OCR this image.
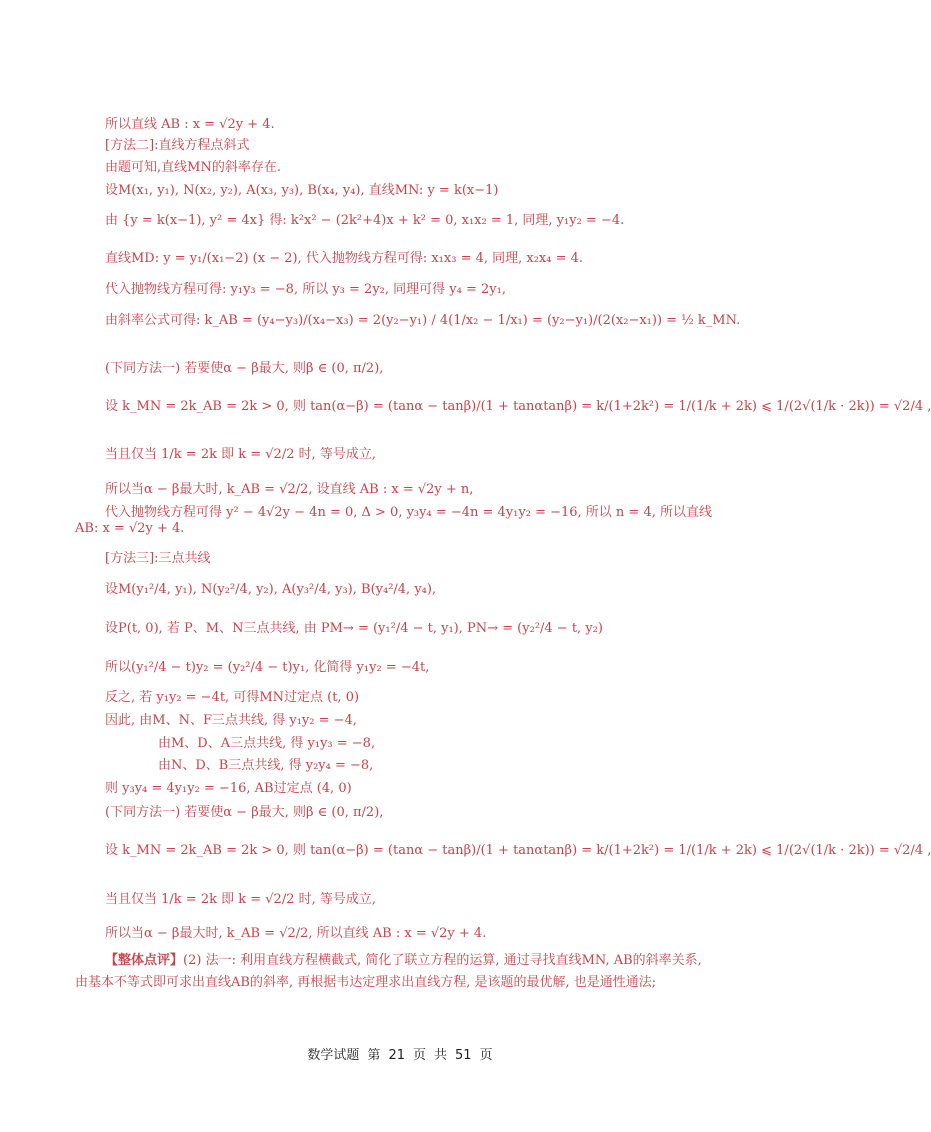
所以直线 AB : x = √2y + 4.
[方法二]:直线方程点斜式
由题可知,直线MN的斜率存在.
设M(x₁, y₁), N(x₂, y₂), A(x₃, y₃), B(x₄, y₄), 直线MN: y = k(x−1)
由 {y = k(x−1), y² = 4x} 得: k²x² − (2k²+4)x + k² = 0, x₁x₂ = 1, 同理, y₁y₂ = −4.
直线MD: y = y₁/(x₁−2) (x − 2), 代入抛物线方程可得: x₁x₃ = 4, 同理, x₂x₄ = 4.
代入抛物线方程可得: y₁y₃ = −8, 所以 y₃ = 2y₂, 同理可得 y₄ = 2y₁,
由斜率公式可得: k_AB = (y₄−y₃)/(x₄−x₃) = 2(y₂−y₁) / 4(1/x₂ − 1/x₁) = (y₂−y₁)/(2(x₂−x₁)) = ½ k_MN.
(下同方法一) 若要使α − β最大, 则β ∈ (0, π/2),
设 k_MN = 2k_AB = 2k > 0, 则 tan(α−β) = (tanα − tanβ)/(1 + tanαtanβ) = k/(1+2k²) = 1/(1/k + 2k) ⩽ 1/(2√(1/k · 2k)) = √2/4 ,
当且仅当 1/k = 2k 即 k = √2/2 时, 等号成立,
所以当α − β最大时, k_AB = √2/2, 设直线 AB : x = √2y + n,
代入抛物线方程可得 y² − 4√2y − 4n = 0, Δ > 0, y₃y₄ = −4n = 4y₁y₂ = −16, 所以 n = 4, 所以直线 AB: x = √2y + 4.
[方法三]:三点共线
设M(y₁²/4, y₁), N(y₂²/4, y₂), A(y₃²/4, y₃), B(y₄²/4, y₄),
设P(t, 0), 若 P、M、N三点共线, 由 PM→ = (y₁²/4 − t, y₁), PN→ = (y₂²/4 − t, y₂)
所以(y₁²/4 − t)y₂ = (y₂²/4 − t)y₁, 化简得 y₁y₂ = −4t,
反之, 若 y₁y₂ = −4t, 可得MN过定点 (t, 0)
因此, 由M、N、F三点共线, 得 y₁y₂ = −4,
由M、D、A三点共线, 得 y₁y₃ = −8,
由N、D、B三点共线, 得 y₂y₄ = −8,
则 y₃y₄ = 4y₁y₂ = −16, AB过定点 (4, 0)
(下同方法一) 若要使α − β最大, 则β ∈ (0, π/2),
设 k_MN = 2k_AB = 2k > 0, 则 tan(α−β) = (tanα − tanβ)/(1 + tanαtanβ) = k/(1+2k²) = 1/(1/k + 2k) ⩽ 1/(2√(1/k · 2k)) = √2/4 ,
当且仅当 1/k = 2k 即 k = √2/2 时, 等号成立,
所以当α − β最大时, k_AB = √2/2, 所以直线 AB : x = √2y + 4.
【整体点评】(2) 法一: 利用直线方程横截式, 简化了联立方程的运算, 通过寻找直线MN, AB的斜率关系, 由基本不等式即可求出直线AB的斜率, 再根据韦达定理求出直线方程, 是该题的最优解, 也是通性通法;
数学试题 第 21 页 共 51 页
